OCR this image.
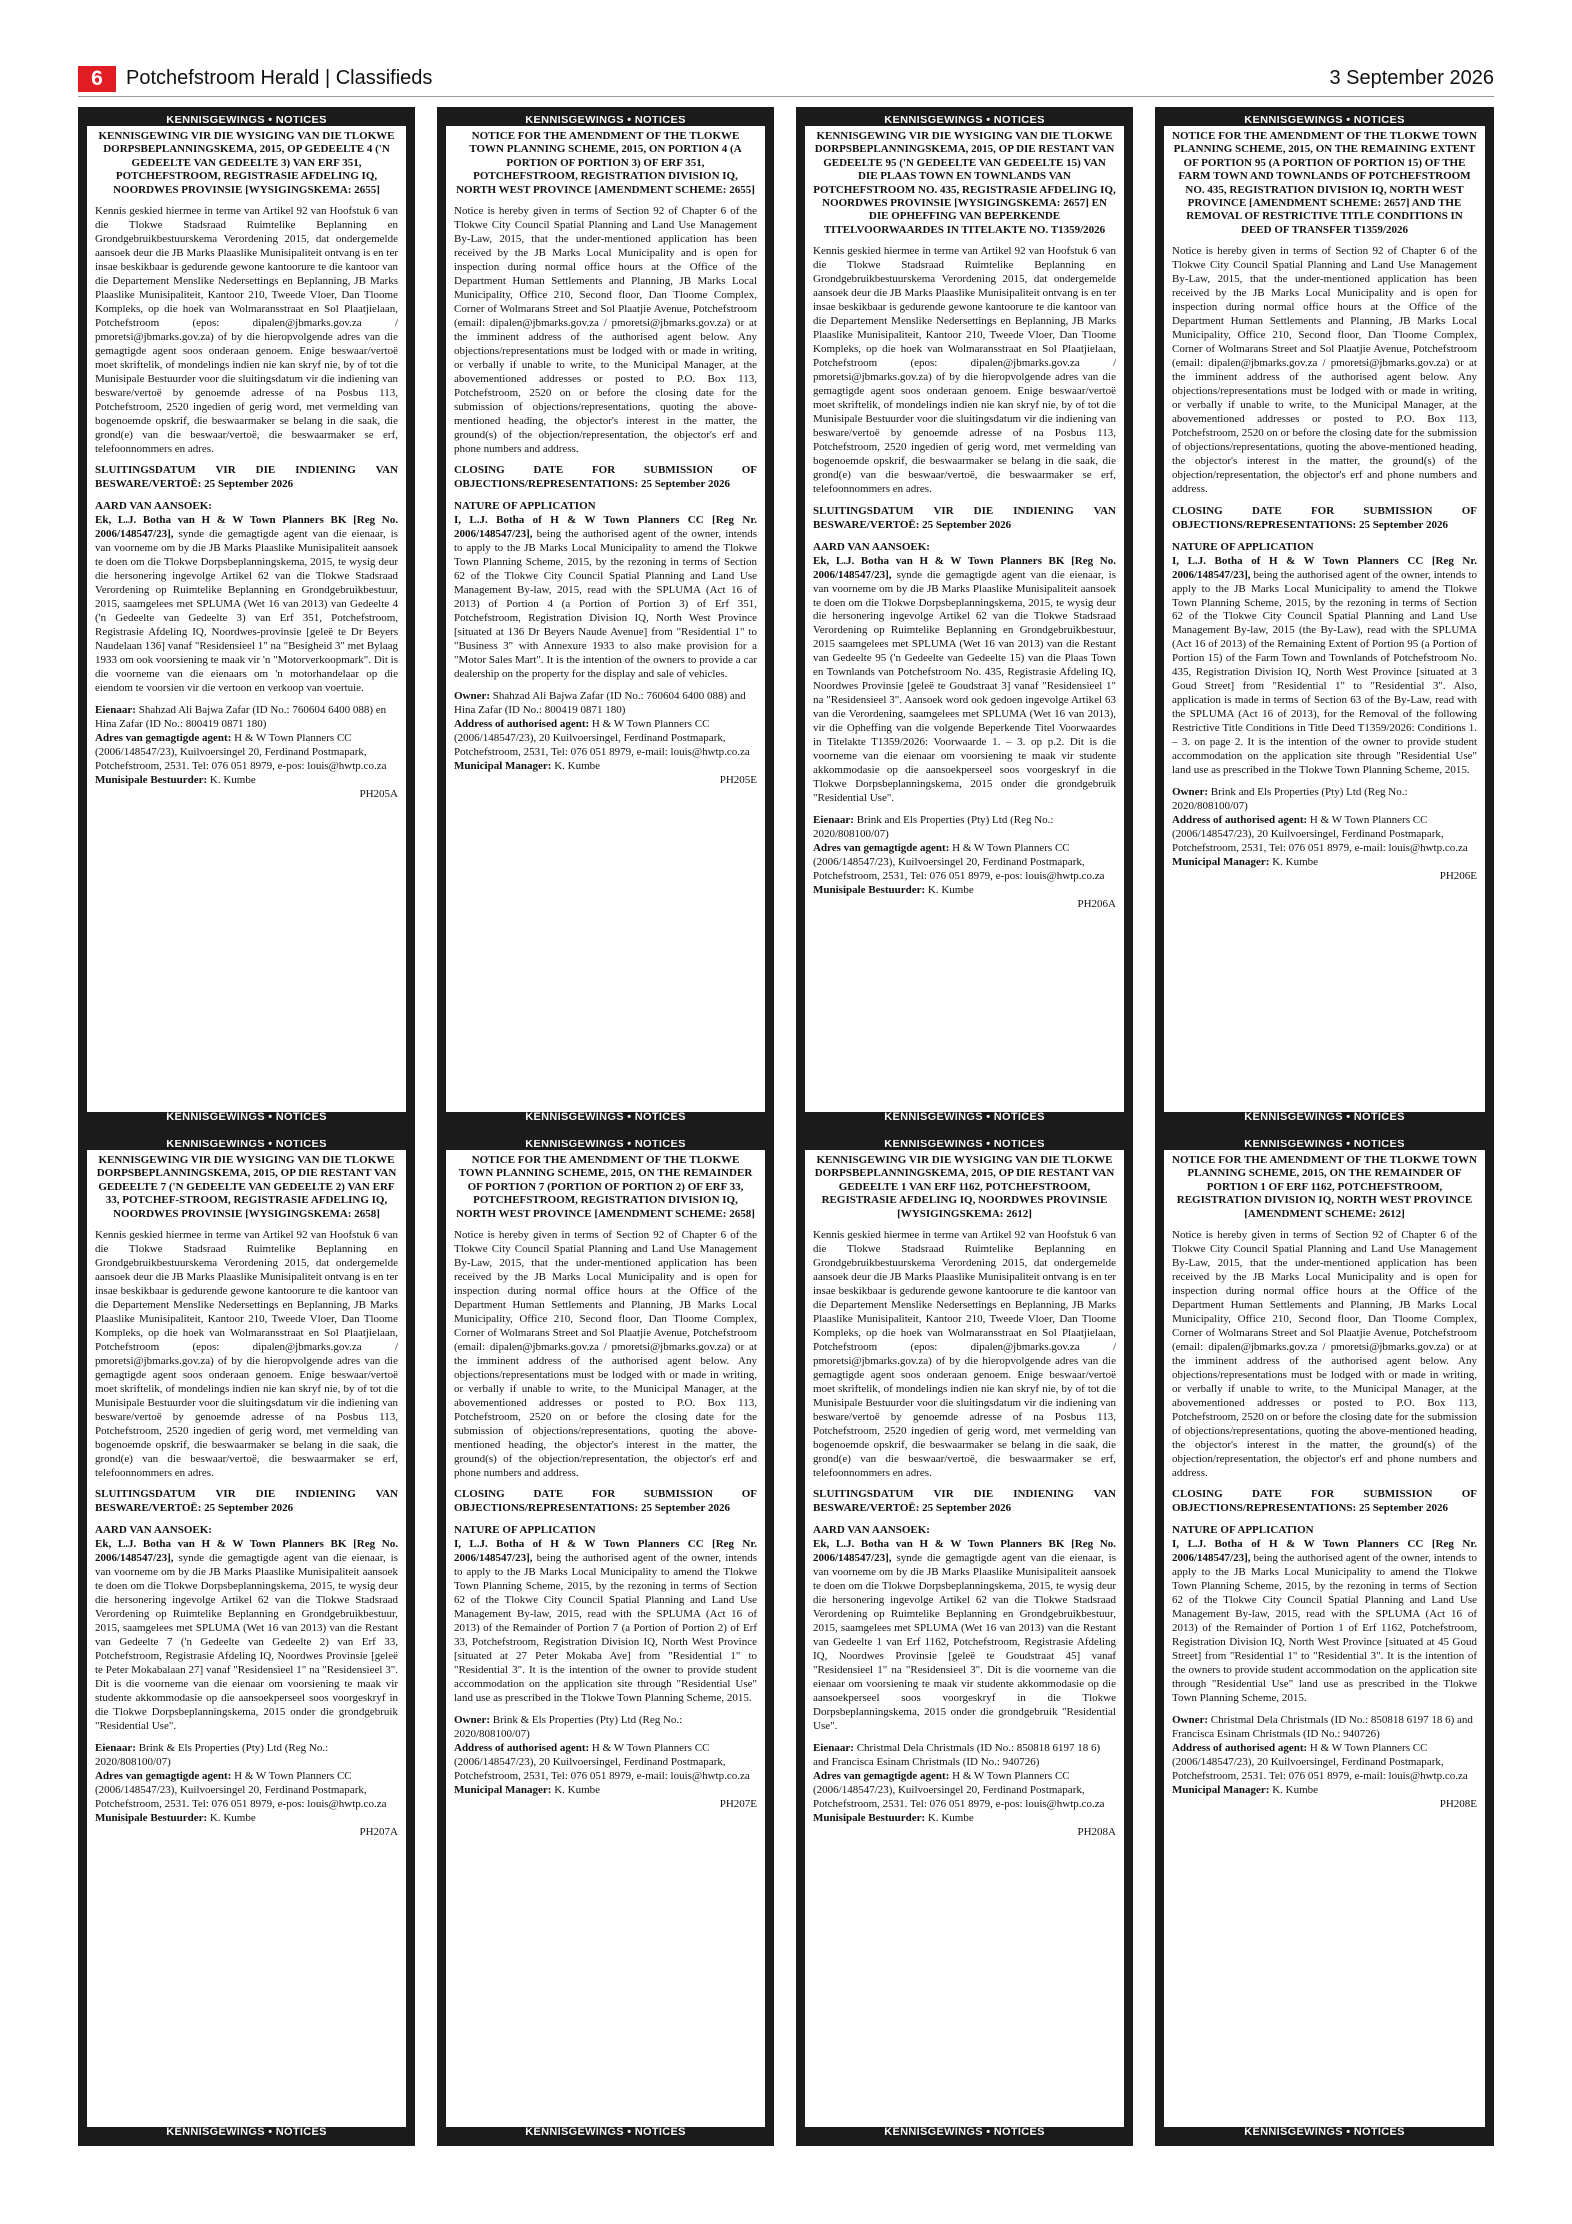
6	Potchefstroom Herald | Classifieds	3 September 2026
KENNISGEWINGS • NOTICES
KENNISGEWING VIR DIE WYSIGING VAN DIE TLOKWE DORPSBEPLANNINGSKEMA, 2015, OP GEDEELTE 4 ('N GEDEELTE VAN GEDEELTE 3) VAN ERF 351, POTCHEFSTROOM, REGISTRASIE AFDELING IQ, NOORDWES PROVINSIE [WYSIGINGSKEMA: 2655]

Kennis geskied hiermee in terme van Artikel 92 van Hoofstuk 6 van die Tlokwe Stadsraad Ruimtelike Beplanning en Grondgebruikbestuurskema Verordening 2015, dat ondergemelde aansoek deur die JB Marks Plaaslike Munisipaliteit ontvang is en ter insae beskikbaar is gedurende gewone kantoorure te die kantoor van die Departement Menslike Nedersettings en Beplanning, JB Marks Plaaslike Munisipaliteit, Kantoor 210, Tweede Vloer, Dan Tloome Kompleks, op die hoek van Wolmaransstraat en Sol Plaatjielaan, Potchefstroom (epos: dipalen@jbmarks.gov.za / pmoretsi@jbmarks.gov.za) of by die hieropvolgende adres van die gemagtigde agent soos onderaan genoem. Enige beswaar/vertoë moet skriftelik, of mondelings indien nie kan skryf nie, by of tot die Munisipale Bestuurder voor die sluitingsdatum vir die indiening van besware/vertoë by genoemde adresse of na Posbus 113, Potchefstroom, 2520 ingedien of gerig word, met vermelding van bogenoemde opskrif, die beswaarmaker se belang in die saak, die grond(e) van die beswaar/vertoë, die beswaarmaker se erf, telefoonnommers en adres.

SLUITINGSDATUM VIR DIE INDIENING VAN BESWARE/VERTOË: 25 September 2026

AARD VAN AANSOEK:

Ek, L.J. Botha van H & W Town Planners BK [Reg No. 2006/148547/23], synde die gemagtigde agent van die eienaar, is van voorneme om by die JB Marks Plaaslike Munisipaliteit aansoek te doen om die Tlokwe Dorpsbeplanningskema, 2015, te wysig deur die hersonering ingevolge Artikel 62 van die Tlokwe Stadsraad Verordening op Ruimtelike Beplanning en Grondgebruikbestuur, 2015, saamgelees met SPLUMA (Wet 16 van 2013) van Gedeelte 4 ('n Gedeelte van Gedeelte 3) van Erf 351, Potchefstroom, Registrasie Afdeling IQ, Noordwes-provinsie [geleë te Dr Beyers Naudelaan 136] vanaf "Residensieel 1" na "Besigheid 3" met Bylaag 1933 om ook voorsiening te maak vir 'n "Motorverkoopmark". Dit is die voorneme van die eienaars om 'n motorhandelaar op die eiendom te voorsien vir die vertoon en verkoop van voertuie.

Eienaar: Shahzad Ali Bajwa Zafar (ID No.: 760604 6400 088) en Hina Zafar (ID No.: 800419 0871 180)

Adres van gemagtigde agent: H & W Town Planners CC (2006/148547/23), Kuilvoersingel 20, Ferdinand Postmapark, Potchefstroom, 2531. Tel: 076 051 8979, e-pos: louis@hwtp.co.za

Munisipale Bestuurder: K. Kumbe

PH205A
KENNISGEWINGS • NOTICES
KENNISGEWINGS • NOTICES
NOTICE FOR THE AMENDMENT OF THE TLOKWE TOWN PLANNING SCHEME, 2015, ON PORTION 4 (A PORTION OF PORTION 3) OF ERF 351, POTCHEFSTROOM, REGISTRATION DIVISION IQ, NORTH WEST PROVINCE [AMENDMENT SCHEME: 2655]

Notice is hereby given in terms of Section 92 of Chapter 6 of the Tlokwe City Council Spatial Planning and Land Use Management By-Law, 2015, that the under-mentioned application has been received by the JB Marks Local Municipality and is open for inspection during normal office hours at the Office of the Department Human Settlements and Planning, JB Marks Local Municipality, Office 210, Second floor, Dan Tloome Complex, Corner of Wolmarans Street and Sol Plaatjie Avenue, Potchefstroom (email: dipalen@jbmarks.gov.za / pmoretsi@jbmarks.gov.za) or at the imminent address of the authorised agent below. Any objections/representations must be lodged with or made in writing, or verbally if unable to write, to the Municipal Manager, at the abovementioned addresses or posted to P.O. Box 113, Potchefstroom, 2520 on or before the closing date for the submission of objections/representations, quoting the above-mentioned heading, the objector's interest in the matter, the ground(s) of the objection/representation, the objector's erf and phone numbers and address.

CLOSING DATE FOR SUBMISSION OF OBJECTIONS/REPRESENTATIONS: 25 September 2026

NATURE OF APPLICATION

I, L.J. Botha of H & W Town Planners CC [Reg Nr. 2006/148547/23], being the authorised agent of the owner, intends to apply to the JB Marks Local Municipality to amend the Tlokwe Town Planning Scheme, 2015, by the rezoning in terms of Section 62 of the Tlokwe City Council Spatial Planning and Land Use Management By-law, 2015, read with the SPLUMA (Act 16 of 2013) of Portion 4 (a Portion of Portion 3) of Erf 351, Potchefstroom, Registration Division IQ, North West Province [situated at 136 Dr Beyers Naude Avenue] from "Residential 1" to "Business 3" with Annexure 1933 to also make provision for a "Motor Sales Mart". It is the intention of the owners to provide a car dealership on the property for the display and sale of vehicles.

Owner: Shahzad Ali Bajwa Zafar (ID No.: 760604 6400 088) and Hina Zafar (ID No.: 800419 0871 180)

Address of authorised agent: H & W Town Planners CC (2006/148547/23), 20 Kuilvoersingel, Ferdinand Postmapark, Potchefstroom, 2531, Tel: 076 051 8979, e-mail: louis@hwtp.co.za

Municipal Manager: K. Kumbe

PH205E
KENNISGEWINGS • NOTICES
KENNISGEWINGS • NOTICES
KENNISGEWING VIR DIE WYSIGING VAN DIE TLOKWE DORPSBEPLANNINGSKEMA, 2015, OP DIE RESTANT VAN GEDEELTE 95 ('N GEDEELTE VAN GEDEELTE 15) VAN DIE PLAAS TOWN EN TOWNLANDS VAN POTCHEFSTROOM NO. 435, REGISTRASIE AFDELING IQ, NOORDWES PROVINSIE [WYSIGINGSKEMA: 2657] EN DIE OPHEFFING VAN BEPERKENDE TITELVOORWAARDES IN TITELAKTE NO. T1359/2026

Kennis geskied hiermee in terme van Artikel 92 van Hoofstuk 6 van die Tlokwe Stadsraad Ruimtelike Beplanning en Grondgebruikbestuurskema Verordening 2015, dat ondergemelde aansoek deur die JB Marks Plaaslike Munisipaliteit ontvang is en ter insae beskikbaar is gedurende gewone kantoorure te die kantoor van die Departement Menslike Nedersettings en Beplanning, JB Marks Plaaslike Munisipaliteit, Kantoor 210, Tweede Vloer, Dan Tloome Kompleks, op die hoek van Wolmaransstraat en Sol Plaatjielaan, Potchefstroom (epos: dipalen@jbmarks.gov.za / pmoretsi@jbmarks.gov.za) of by die hieropvolgende adres van die gemagtigde agent soos onderaan genoem. Enige beswaar/vertoë moet skriftelik, of mondelings indien nie kan skryf nie, by of tot die Munisipale Bestuurder voor die sluitingsdatum vir die indiening van besware/vertoë by genoemde adresse of na Posbus 113, Potchefstroom, 2520 ingedien of gerig word, met vermelding van bogenoemde opskrif, die beswaarmaker se belang in die saak, die grond(e) van die beswaar/vertoë, die beswaarmaker se erf, telefoonnommers en adres.

SLUITINGSDATUM VIR DIE INDIENING VAN BESWARE/VERTOË: 25 September 2026

AARD VAN AANSOEK:

Ek, L.J. Botha van H & W Town Planners BK [Reg No. 2006/148547/23], synde die gemagtigde agent van die eienaar, is van voorneme om by die JB Marks Plaaslike Munisipaliteit aansoek te doen om die Tlokwe Dorpsbeplanningskema, 2015, te wysig deur die hersonering ingevolge Artikel 62 van die Tlokwe Stadsraad Verordening op Ruimtelike Beplanning en Grondgebruikbestuur, 2015 saamgelees met SPLUMA (Wet 16 van 2013) van die Restant van Gedeelte 95 ('n Gedeelte van Gedeelte 15) van die Plaas Town en Townlands van Potchefstroom No. 435, Registrasie Afdeling IQ, Noordwes Provinsie [geleë te Goudstraat 3] vanaf "Residensieel 1" na "Residensieel 3". Aansoek word ook gedoen ingevolge Artikel 63 van die Verordening, saamgelees met SPLUMA (Wet 16 van 2013), vir die Opheffing van die volgende Beperkende Titel Voorwaardes in Titelakte T1359/2026: Voorwaarde 1. – 3. op p.2. Dit is die voorneme van die eienaar om voorsiening te maak vir studente akkommodasie op die aansoekperseel soos voorgeskryf in die Tlokwe Dorpsbeplanningskema, 2015 onder die grondgebruik "Residential Use".

Eienaar: Brink and Els Properties (Pty) Ltd (Reg No.: 2020/808100/07)

Adres van gemagtigde agent: H & W Town Planners CC (2006/148547/23), Kuilvoersingel 20, Ferdinand Postmapark, Potchefstroom, 2531, Tel: 076 051 8979, e-pos: louis@hwtp.co.za

Munisipale Bestuurder: K. Kumbe

PH206A
KENNISGEWINGS • NOTICES
KENNISGEWINGS • NOTICES
NOTICE FOR THE AMENDMENT OF THE TLOKWE TOWN PLANNING SCHEME, 2015, ON THE REMAINING EXTENT OF PORTION 95 (A PORTION OF PORTION 15) OF THE FARM TOWN AND TOWNLANDS OF POTCHEFSTROOM NO. 435, REGISTRATION DIVISION IQ, NORTH WEST PROVINCE [AMENDMENT SCHEME: 2657] AND THE REMOVAL OF RESTRICTIVE TITLE CONDITIONS IN DEED OF TRANSFER T1359/2026

Notice is hereby given in terms of Section 92 of Chapter 6 of the Tlokwe City Council Spatial Planning and Land Use Management By-Law, 2015, that the under-mentioned application has been received by the JB Marks Local Municipality and is open for inspection during normal office hours at the Office of the Department Human Settlements and Planning, JB Marks Local Municipality, Office 210, Second floor, Dan Tloome Complex, Corner of Wolmarans Street and Sol Plaatjie Avenue, Potchefstroom (email: dipalen@jbmarks.gov.za / pmoretsi@jbmarks.gov.za) or at the imminent address of the authorised agent below. Any objections/representations must be lodged with or made in writing, or verbally if unable to write, to the Municipal Manager, at the abovementioned addresses or posted to P.O. Box 113, Potchefstroom, 2520 on or before the closing date for the submission of objections/representations, quoting the above-mentioned heading, the objector's interest in the matter, the ground(s) of the objection/representation, the objector's erf and phone numbers and address.

CLOSING DATE FOR SUBMISSION OF OBJECTIONS/REPRESENTATIONS: 25 September 2026

NATURE OF APPLICATION

I, L.J. Botha of H & W Town Planners CC [Reg Nr. 2006/148547/23], being the authorised agent of the owner, intends to apply to the JB Marks Local Municipality to amend the Tlokwe Town Planning Scheme, 2015, by the rezoning in terms of Section 62 of the Tlokwe City Council Spatial Planning and Land Use Management By-law, 2015 (the By-Law), read with the SPLUMA (Act 16 of 2013) of the Remaining Extent of Portion 95 (a Portion of Portion 15) of the Farm Town and Townlands of Potchefstroom No. 435, Registration Division IQ, North West Province [situated at 3 Goud Street] from "Residential 1" to "Residential 3". Also, application is made in terms of Section 63 of the By-Law, read with the SPLUMA (Act 16 of 2013), for the Removal of the following Restrictive Title Conditions in Title Deed T1359/2026: Conditions 1. – 3. on page 2. It is the intention of the owner to provide student accommodation on the application site through "Residential Use" land use as prescribed in the Tlokwe Town Planning Scheme, 2015.

Owner: Brink and Els Properties (Pty) Ltd (Reg No.: 2020/808100/07)

Address of authorised agent: H & W Town Planners CC (2006/148547/23), 20 Kuilvoersingel, Ferdinand Postmapark, Potchefstroom, 2531, Tel: 076 051 8979, e-mail: louis@hwtp.co.za

Municipal Manager: K. Kumbe

PH206E
KENNISGEWINGS • NOTICES
KENNISGEWINGS • NOTICES
KENNISGEWING VIR DIE WYSIGING VAN DIE TLOKWE DORPSBEPLANNINGSKEMA, 2015, OP DIE RESTANT VAN GEDEELTE 7 ('N GEDEELTE VAN GEDEELTE 2) VAN ERF 33, POTCHEF-STROOM, REGISTRASIE AFDELING IQ, NOORDWES PROVINSIE [WYSIGINGSKEMA: 2658]

Kennis geskied hiermee in terme van Artikel 92 van Hoofstuk 6 van die Tlokwe Stadsraad Ruimtelike Beplanning en Grondgebruikbestuurskema Verordening 2015, dat ondergemelde aansoek deur die JB Marks Plaaslike Munisipaliteit ontvang is en ter insae beskikbaar is gedurende gewone kantoorure te die kantoor van die Departement Menslike Nedersettings en Beplanning, JB Marks Plaaslike Munisipaliteit, Kantoor 210, Tweede Vloer, Dan Tloome Kompleks, op die hoek van Wolmaransstraat en Sol Plaatjielaan, Potchefstroom (epos: dipalen@jbmarks.gov.za / pmoretsi@jbmarks.gov.za) of by die hieropvolgende adres van die gemagtigde agent soos onderaan genoem. Enige beswaar/vertoë moet skriftelik, of mondelings indien nie kan skryf nie, by of tot die Munisipale Bestuurder voor die sluitingsdatum vir die indiening van besware/vertoë by genoemde adresse of na Posbus 113, Potchefstroom, 2520 ingedien of gerig word, met vermelding van bogenoemde opskrif, die beswaarmaker se belang in die saak, die grond(e) van die beswaar/vertoë, die beswaarmaker se erf, telefoonnommers en adres.

SLUITINGSDATUM VIR DIE INDIENING VAN BESWARE/VERTOË: 25 September 2026

AARD VAN AANSOEK:

Ek, L.J. Botha van H & W Town Planners BK [Reg No. 2006/148547/23], synde die gemagtigde agent van die eienaar, is van voorneme om by die JB Marks Plaaslike Munisipaliteit aansoek te doen om die Tlokwe Dorpsbeplanningskema, 2015, te wysig deur die hersonering ingevolge Artikel 62 van die Tlokwe Stadsraad Verordening op Ruimtelike Beplanning en Grondgebruikbestuur, 2015, saamgelees met SPLUMA (Wet 16 van 2013) van die Restant van Gedeelte 7 ('n Gedeelte van Gedeelte 2) van Erf 33, Potchefstroom, Registrasie Afdeling IQ, Noordwes Provinsie [geleë te Peter Mokabalaan 27] vanaf "Residensieel 1" na "Residensieel 3". Dit is die voorneme van die eienaar om voorsiening te maak vir studente akkommodasie op die aansoekperseel soos voorgeskryf in die Tlokwe Dorpsbeplanningskema, 2015 onder die grondgebruik "Residential Use".

Eienaar: Brink & Els Properties (Pty) Ltd (Reg No.: 2020/808100/07)

Adres van gemagtigde agent: H & W Town Planners CC (2006/148547/23), Kuilvoersingel 20, Ferdinand Postmapark, Potchefstroom, 2531. Tel: 076 051 8979, e-pos: louis@hwtp.co.za

Munisipale Bestuurder: K. Kumbe

PH207A
KENNISGEWINGS • NOTICES
KENNISGEWINGS • NOTICES
NOTICE FOR THE AMENDMENT OF THE TLOKWE TOWN PLANNING SCHEME, 2015, ON THE REMAINDER OF PORTION 7 (PORTION OF PORTION 2) OF ERF 33, POTCHEFSTROOM, REGISTRATION DIVISION IQ, NORTH WEST PROVINCE [AMENDMENT SCHEME: 2658]

Notice is hereby given in terms of Section 92 of Chapter 6 of the Tlokwe City Council Spatial Planning and Land Use Management By-Law, 2015, that the under-mentioned application has been received by the JB Marks Local Municipality and is open for inspection during normal office hours at the Office of the Department Human Settlements and Planning, JB Marks Local Municipality, Office 210, Second floor, Dan Tloome Complex, Corner of Wolmarans Street and Sol Plaatjie Avenue, Potchefstroom (email: dipalen@jbmarks.gov.za / pmoretsi@jbmarks.gov.za) or at the imminent address of the authorised agent below. Any objections/representations must be lodged with or made in writing, or verbally if unable to write, to the Municipal Manager, at the abovementioned addresses or posted to P.O. Box 113, Potchefstroom, 2520 on or before the closing date for the submission of objections/representations, quoting the above-mentioned heading, the objector's interest in the matter, the ground(s) of the objection/representation, the objector's erf and phone numbers and address.

CLOSING DATE FOR SUBMISSION OF OBJECTIONS/REPRESENTATIONS: 25 September 2026

NATURE OF APPLICATION

I, L.J. Botha of H & W Town Planners CC [Reg Nr. 2006/148547/23], being the authorised agent of the owner, intends to apply to the JB Marks Local Municipality to amend the Tlokwe Town Planning Scheme, 2015, by the rezoning in terms of Section 62 of the Tlokwe City Council Spatial Planning and Land Use Management By-law, 2015, read with the SPLUMA (Act 16 of 2013) of the Remainder of Portion 7 (a Portion of Portion 2) of Erf 33, Potchefstroom, Registration Division IQ, North West Province [situated at 27 Peter Mokaba Ave] from "Residential 1" to "Residential 3". It is the intention of the owner to provide student accommodation on the application site through "Residential Use" land use as prescribed in the Tlokwe Town Planning Scheme, 2015.

Owner: Brink & Els Properties (Pty) Ltd (Reg No.: 2020/808100/07)

Address of authorised agent: H & W Town Planners CC (2006/148547/23), 20 Kuilvoersingel, Ferdinand Postmapark, Potchefstroom, 2531, Tel: 076 051 8979, e-mail: louis@hwtp.co.za

Municipal Manager: K. Kumbe

PH207E
KENNISGEWINGS • NOTICES
KENNISGEWINGS • NOTICES
KENNISGEWING VIR DIE WYSIGING VAN DIE TLOKWE DORPSBEPLANNINGSKEMA, 2015, OP DIE RESTANT VAN GEDEELTE 1 VAN ERF 1162, POTCHEFSTROOM, REGISTRASIE AFDELING IQ, NOORDWES PROVINSIE [WYSIGINGSKEMA: 2612]

Kennis geskied hiermee in terme van Artikel 92 van Hoofstuk 6 van die Tlokwe Stadsraad Ruimtelike Beplanning en Grondgebruikbestuurskema Verordening 2015, dat ondergemelde aansoek deur die JB Marks Plaaslike Munisipaliteit ontvang is en ter insae beskikbaar is gedurende gewone kantoorure te die kantoor van die Departement Menslike Nedersettings en Beplanning, JB Marks Plaaslike Munisipaliteit, Kantoor 210, Tweede Vloer, Dan Tloome Kompleks, op die hoek van Wolmaransstraat en Sol Plaatjielaan, Potchefstroom (epos: dipalen@jbmarks.gov.za / pmoretsi@jbmarks.gov.za) of by die hieropvolgende adres van die gemagtigde agent soos onderaan genoem. Enige beswaar/vertoë moet skriftelik, of mondelings indien nie kan skryf nie, by of tot die Munisipale Bestuurder voor die sluitingsdatum vir die indiening van besware/vertoë by genoemde adresse of na Posbus 113, Potchefstroom, 2520 ingedien of gerig word, met vermelding van bogenoemde opskrif, die beswaarmaker se belang in die saak, die grond(e) van die beswaar/vertoë, die beswaarmaker se erf, telefoonnommers en adres.

SLUITINGSDATUM VIR DIE INDIENING VAN BESWARE/VERTOË: 25 September 2026

AARD VAN AANSOEK:

Ek, L.J. Botha van H & W Town Planners BK [Reg No. 2006/148547/23], synde die gemagtigde agent van die eienaar, is van voorneme om by die JB Marks Plaaslike Munisipaliteit aansoek te doen om die Tlokwe Dorpsbeplanningskema, 2015, te wysig deur die hersonering ingevolge Artikel 62 van die Tlokwe Stadsraad Verordening op Ruimtelike Beplanning en Grondgebruikbestuur, 2015, saamgelees met SPLUMA (Wet 16 van 2013) van die Restant van Gedeelte 1 van Erf 1162, Potchefstroom, Registrasie Afdeling IQ, Noordwes Provinsie [geleë te Goudstraat 45] vanaf "Residensieel 1" na "Residensieel 3". Dit is die voorneme van die eienaar om voorsiening te maak vir studente akkommodasie op die aansoekperseel soos voorgeskryf in die Tlokwe Dorpsbeplanningskema, 2015 onder die grondgebruik "Residential Use".

Eienaar: Christmal Dela Christmals (ID No.: 850818 6197 18 6) and Francisca Esinam Christmals (ID No.: 940726)

Adres van gemagtigde agent: H & W Town Planners CC (2006/148547/23), Kuilvoersingel 20, Ferdinand Postmapark, Potchefstroom, 2531. Tel: 076 051 8979, e-pos: louis@hwtp.co.za

Munisipale Bestuurder: K. Kumbe

PH208A
KENNISGEWINGS • NOTICES
KENNISGEWINGS • NOTICES
NOTICE FOR THE AMENDMENT OF THE TLOKWE TOWN PLANNING SCHEME, 2015, ON THE REMAINDER OF PORTION 1 OF ERF 1162, POTCHEFSTROOM, REGISTRATION DIVISION IQ, NORTH WEST PROVINCE [AMENDMENT SCHEME: 2612]

Notice is hereby given in terms of Section 92 of Chapter 6 of the Tlokwe City Council Spatial Planning and Land Use Management By-Law, 2015, that the under-mentioned application has been received by the JB Marks Local Municipality and is open for inspection during normal office hours at the Office of the Department Human Settlements and Planning, JB Marks Local Municipality, Office 210, Second floor, Dan Tloome Complex, Corner of Wolmarans Street and Sol Plaatjie Avenue, Potchefstroom (email: dipalen@jbmarks.gov.za / pmoretsi@jbmarks.gov.za) or at the imminent address of the authorised agent below. Any objections/representations must be lodged with or made in writing, or verbally if unable to write, to the Municipal Manager, at the abovementioned addresses or posted to P.O. Box 113, Potchefstroom, 2520 on or before the closing date for the submission of objections/representations, quoting the above-mentioned heading, the objector's interest in the matter, the ground(s) of the objection/representation, the objector's erf and phone numbers and address.

CLOSING DATE FOR SUBMISSION OF OBJECTIONS/REPRESENTATIONS: 25 September 2026

NATURE OF APPLICATION

I, L.J. Botha of H & W Town Planners CC [Reg Nr. 2006/148547/23], being the authorised agent of the owner, intends to apply to the JB Marks Local Municipality to amend the Tlokwe Town Planning Scheme, 2015, by the rezoning in terms of Section 62 of the Tlokwe City Council Spatial Planning and Land Use Management By-law, 2015, read with the SPLUMA (Act 16 of 2013) of the Remainder of Portion 1 of Erf 1162, Potchefstroom, Registration Division IQ, North West Province [situated at 45 Goud Street] from "Residential 1" to "Residential 3". It is the intention of the owners to provide student accommodation on the application site through "Residential Use" land use as prescribed in the Tlokwe Town Planning Scheme, 2015.

Owner: Christmal Dela Christmals (ID No.: 850818 6197 18 6) and Francisca Esinam Christmals (ID No.: 940726)

Address of authorised agent: H & W Town Planners CC (2006/148547/23), 20 Kuilvoersingel, Ferdinand Postmapark, Potchefstroom, 2531. Tel: 076 051 8979, e-mail: louis@hwtp.co.za

Municipal Manager: K. Kumbe

PH208E
KENNISGEWINGS • NOTICES
